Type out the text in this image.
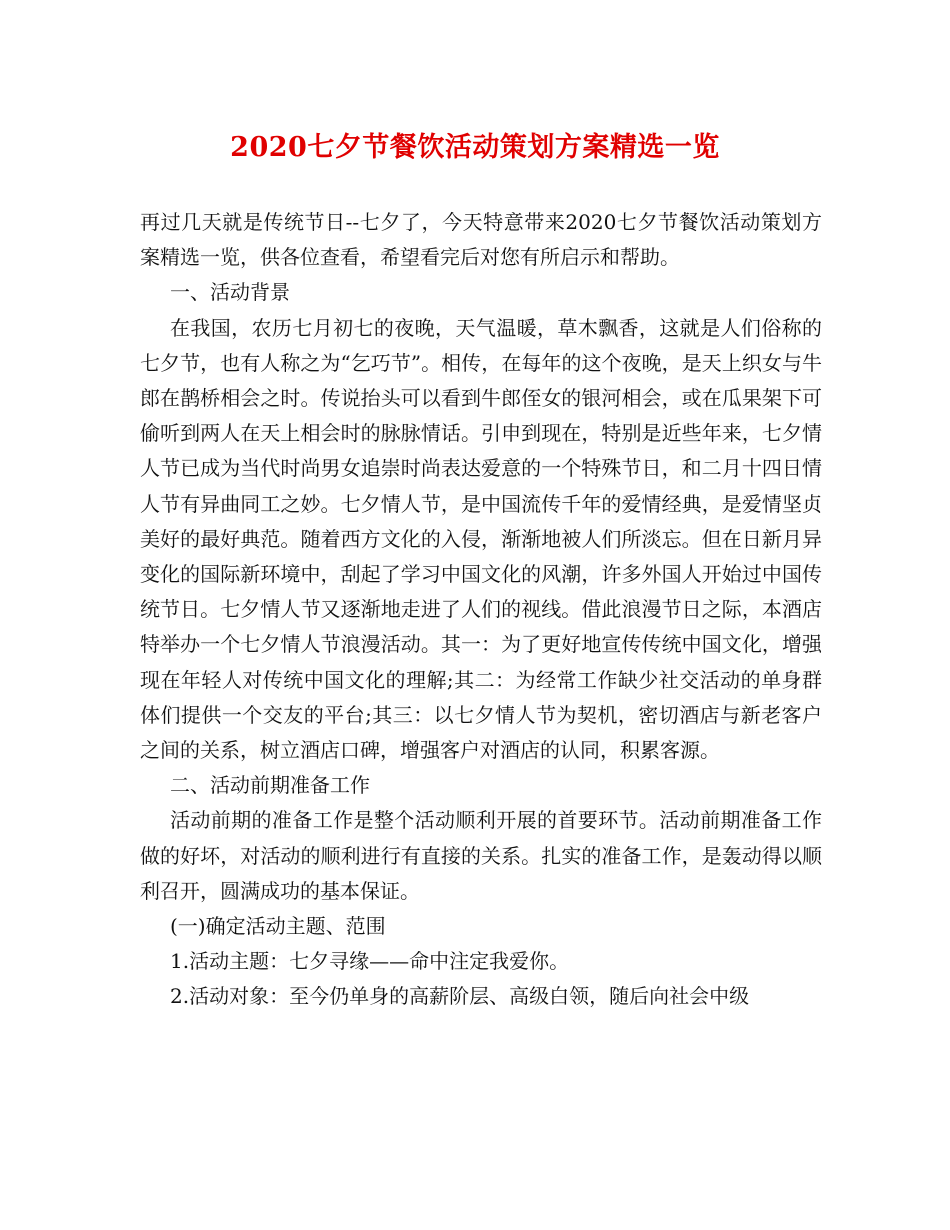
2020七夕节餐饮活动策划方案精选一览

再过几天就是传统节日--七夕了，今天特意带来2020七夕节餐饮活动策划方案精选一览，供各位查看，希望看完后对您有所启示和帮助。

一、活动背景

在我国，农历七月初七的夜晚，天气温暖，草木飘香，这就是人们俗称的七夕节，也有人称之为“乞巧节”。相传，在每年的这个夜晚，是天上织女与牛郎在鹊桥相会之时。传说抬头可以看到牛郎侄女的银河相会，或在瓜果架下可偷听到两人在天上相会时的脉脉情话。引申到现在，特别是近些年来，七夕情人节已成为当代时尚男女追崇时尚表达爱意的一个特殊节日，和二月十四日情人节有异曲同工之妙。七夕情人节，是中国流传千年的爱情经典，是爱情坚贞美好的最好典范。随着西方文化的入侵，渐渐地被人们所淡忘。但在日新月异变化的国际新环境中，刮起了学习中国文化的风潮，许多外国人开始过中国传统节日。七夕情人节又逐渐地走进了人们的视线。借此浪漫节日之际，本酒店特举办一个七夕情人节浪漫活动。其一：为了更好地宣传传统中国文化，增强现在年轻人对传统中国文化的理解;其二：为经常工作缺少社交活动的单身群体们提供一个交友的平台;其三：以七夕情人节为契机，密切酒店与新老客户之间的关系，树立酒店口碑，增强客户对酒店的认同，积累客源。

二、活动前期准备工作

活动前期的准备工作是整个活动顺利开展的首要环节。活动前期准备工作做的好坏，对活动的顺利进行有直接的关系。扎实的准备工作，是轰动得以顺利召开，圆满成功的基本保证。

(一)确定活动主题、范围

1.活动主题：七夕寻缘——命中注定我爱你。

2.活动对象：至今仍单身的高薪阶层、高级白领，随后向社会中级
